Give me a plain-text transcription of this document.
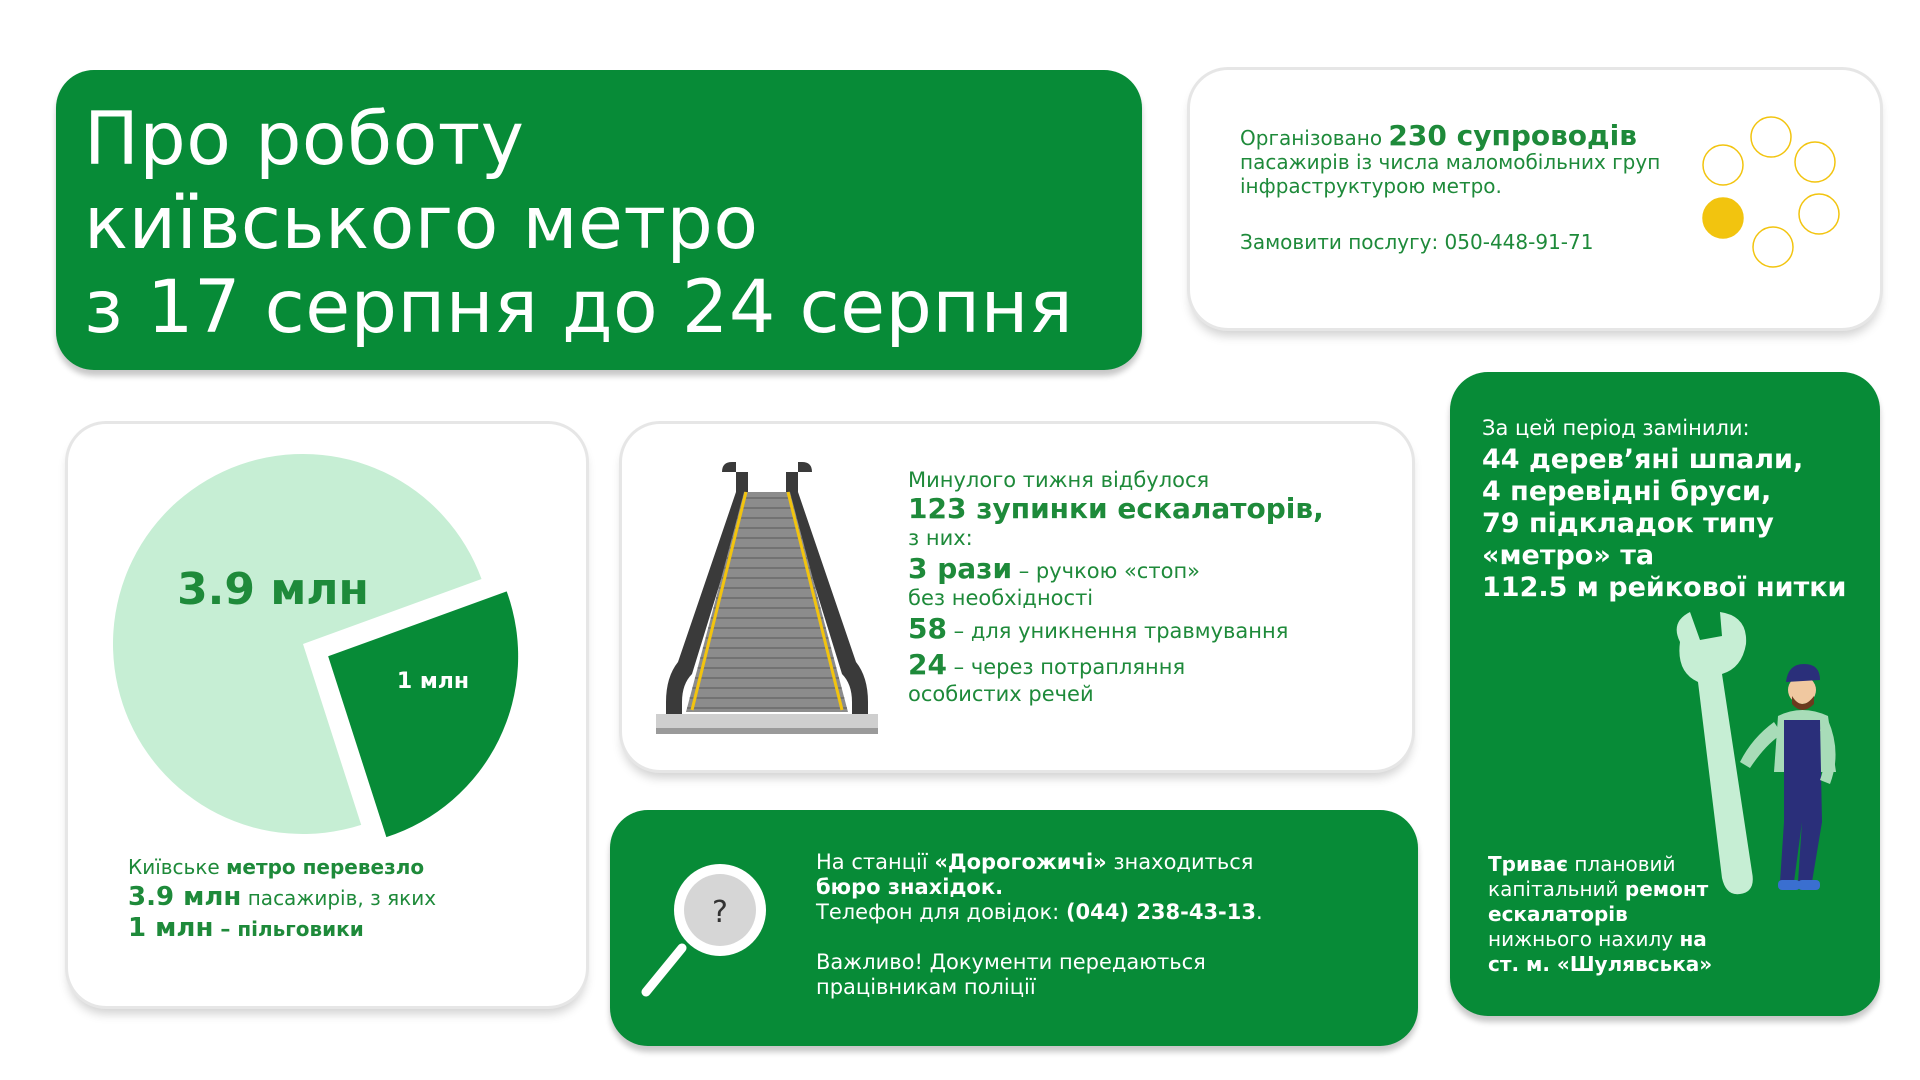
Про роботу
київського метро
з 17 серпня до 24 серпня
Організовано 230 супроводів
пасажирів із числа маломобільних груп інфраструктурою метро.
Замовити послугу: 050-448-91-71
3.9 млн
1 млн
Київське метро перевезло
3.9 млн пасажирів, з яких
1 млн – пільговики
Минулого тижня відбулося
123 зупинки ескалаторів,
з них:
3 рази – ручкою «стоп»
без необхідності
58 – для уникнення травмування
24 – через потрапляння
особистих речей
?
На станції «Дорогожичі» знаходиться
бюро знахідок.
Телефон для довідок: (044) 238-43-13.
Важливо! Документи передаються
працівникам поліції
За цей період замінили:
44 дерев’яні шпали,
4 перевідні бруси,
79 підкладок типу
«метро» та
112.5 м рейкової нитки
Триває плановий
капітальний ремонт
ескалаторів
нижнього нахилу на
ст. м. «Шулявська»
